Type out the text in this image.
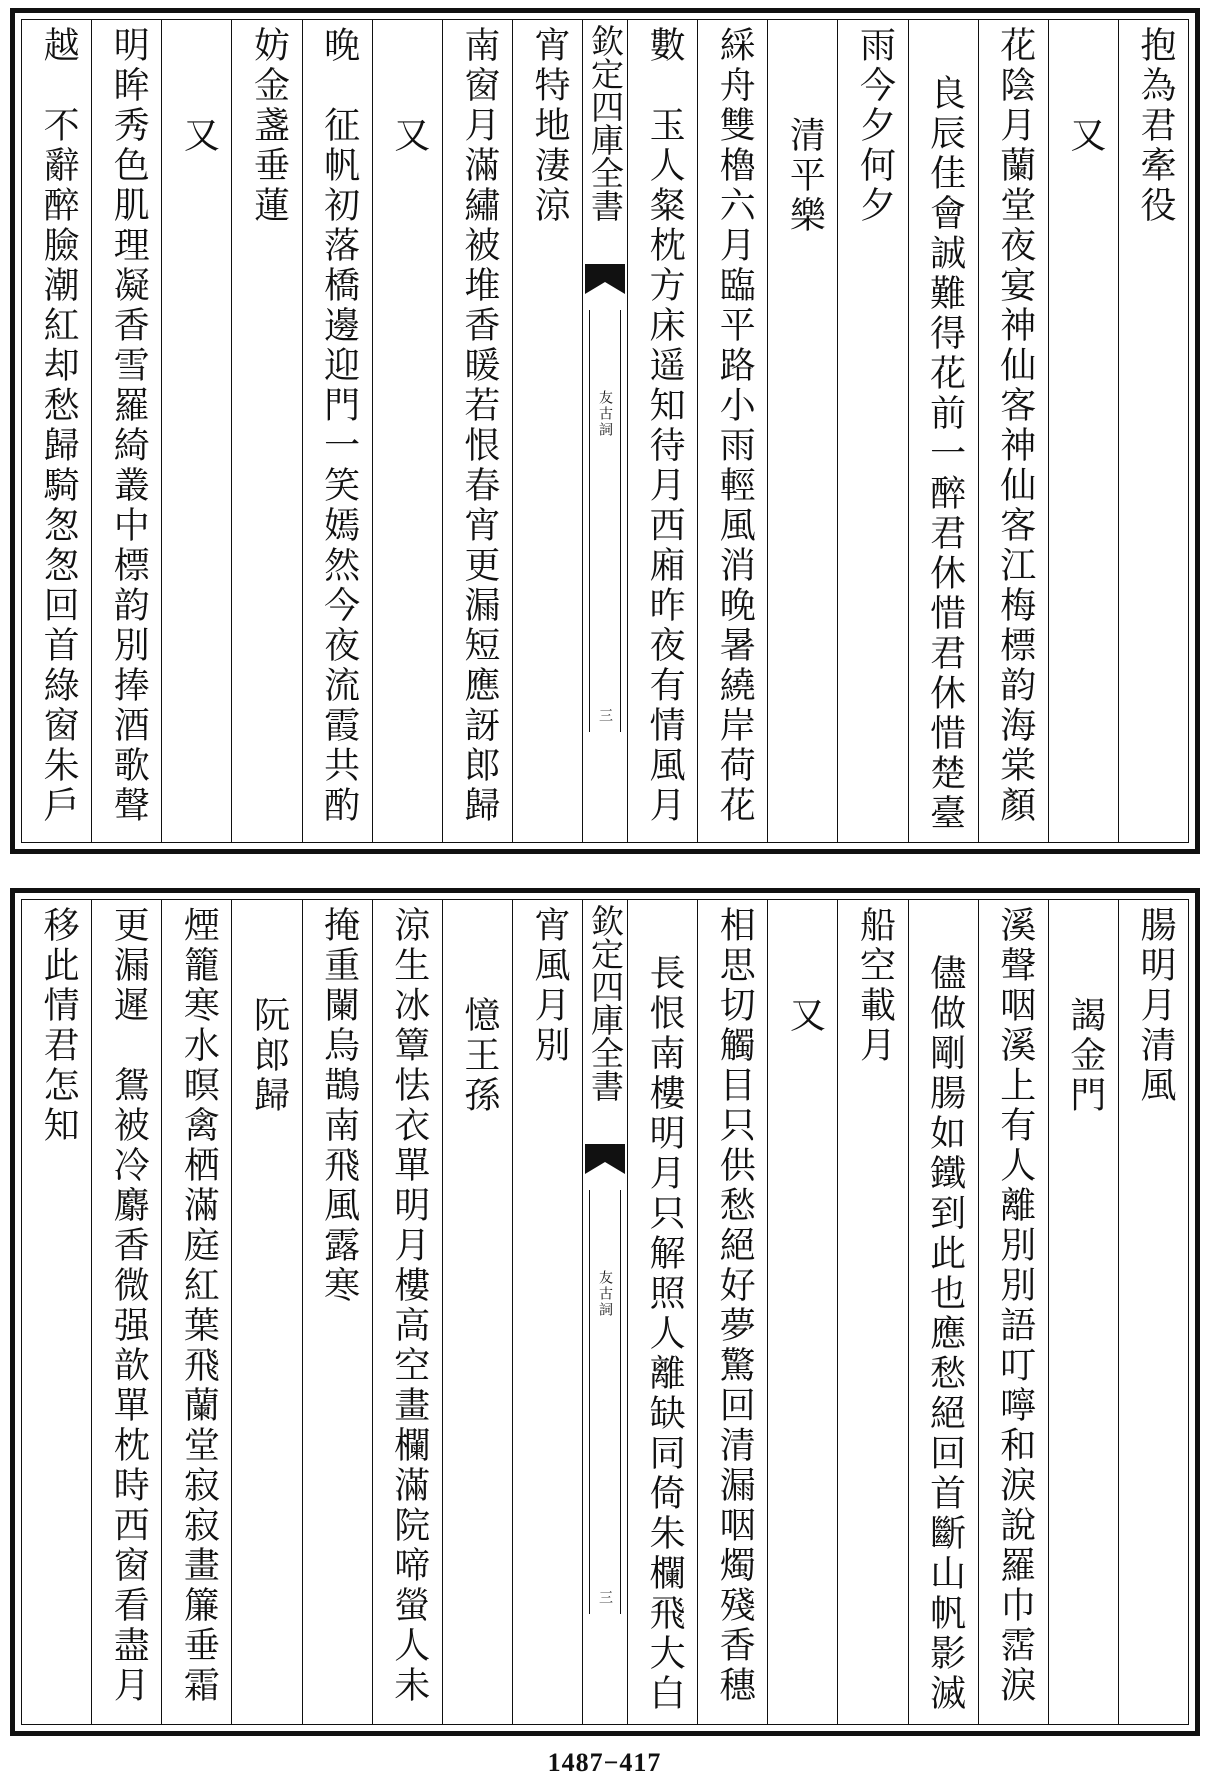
抱為君牽役
又
花陰月蘭堂夜宴神仙客神仙客江梅標韵海棠顏
良辰佳會誠難得花前一醉君休惜君休惜楚臺
雨今夕何夕
清平樂
綵舟雙櫓六月臨平路小雨輕風消晚暑繞岸荷花
數　玉人粲枕方床遥知待月西廂昨夜有情風月
欽定四庫全書
友古詞
三
宵特地淒涼
南窗月滿繡被堆香暖若恨春宵更漏短應訝郎歸
又
晚　征帆初落橋邊迎門一笑嫣然今夜流霞共酌
妨金盞垂蓮
又
明眸秀色肌理凝香雪羅綺叢中標韵別捧酒歌聲
越　不辭醉臉潮紅却愁歸騎怱怱回首綠窗朱戶
腸明月清風
謁金門
溪聲咽溪上有人離別別語叮嚀和淚說羅巾霑淚
儘做剛腸如鐵到此也應愁絕回首斷山帆影滅
船空載月
又
相思切觸目只供愁絕好夢驚回清漏咽燭殘香穗
長恨南樓明月只解照人離缺同倚朱欄飛大白
欽定四庫全書
友古詞
三
宵風月別
憶王孫
涼生冰簟怯衣單明月樓高空畫欄滿院啼螢人未
掩重闌烏鵲南飛風露寒
阮郎歸
煙籠寒水暝禽栖滿庭紅葉飛蘭堂寂寂畫簾垂霜
更漏遲　鴛被冷麝香微强歆單枕時西窗看盡月
移此情君怎知
1487−417
